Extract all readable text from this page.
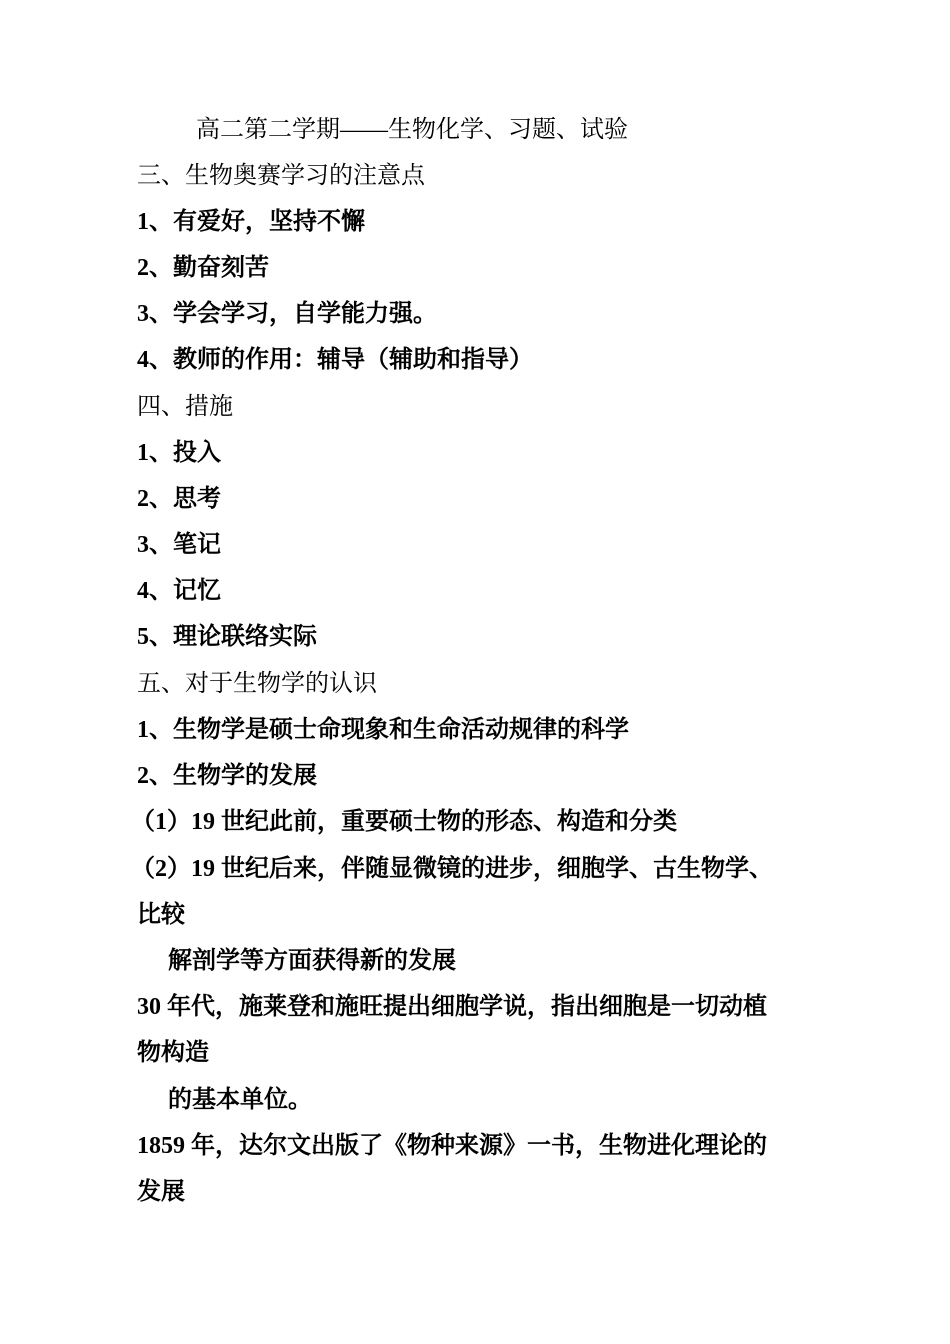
高二第二学期——生物化学、习题、试验
三、生物奥赛学习的注意点
1、有爱好，坚持不懈
2、勤奋刻苦
3、学会学习，自学能力强。
4、教师的作用：辅导（辅助和指导）
四、措施
1、投入
2、思考
3、笔记
4、记忆
5、理论联络实际
五、对于生物学的认识
1、生物学是硕士命现象和生命活动规律的科学
2、生物学的发展
（1）19 世纪此前，重要硕士物的形态、构造和分类
（2）19 世纪后来，伴随显微镜的进步，细胞学、古生物学、
比较
解剖学等方面获得新的发展
30 年代，施莱登和施旺提出细胞学说，指出细胞是一切动植
物构造
的基本单位。
1859 年，达尔文出版了《物种来源》一书，生物进化理论的
发展
